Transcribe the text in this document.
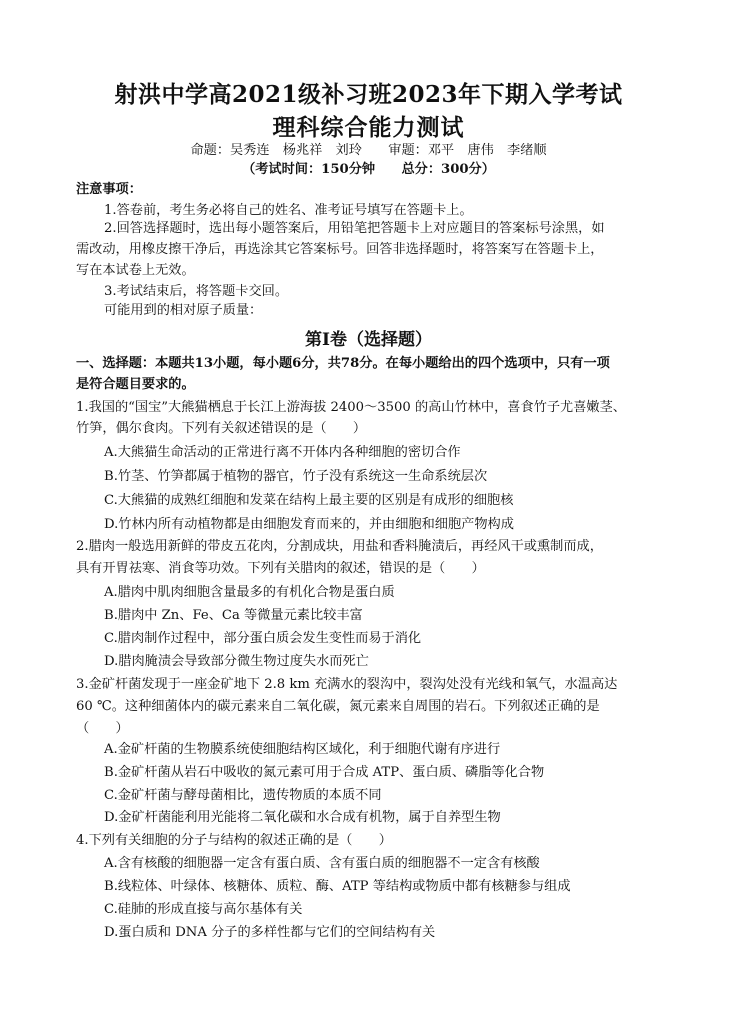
射洪中学高2021级补习班2023年下期入学考试
理科综合能力测试
命题：吴秀连　杨兆祥　刘玲　　审题：邓平　唐伟　李绪顺
（考试时间：150分钟　　总分：300分）
注意事项：
1.答卷前，考生务必将自己的姓名、准考证号填写在答题卡上。
2.回答选择题时，选出每小题答案后，用铅笔把答题卡上对应题目的答案标号涂黑，如
需改动，用橡皮擦干净后，再选涂其它答案标号。回答非选择题时，将答案写在答题卡上，
写在本试卷上无效。
3.考试结束后，将答题卡交回。
可能用到的相对原子质量：
第Ⅰ卷（选择题）
一、选择题：本题共13小题，每小题6分，共78分。在每小题给出的四个选项中，只有一项
是符合题目要求的。
1.我国的“国宝”大熊猫栖息于长江上游海拔 2400～3500 的高山竹林中，喜食竹子尤喜嫩茎、
竹笋，偶尔食肉。下列有关叙述错误的是（　　）
A.大熊猫生命活动的正常进行离不开体内各种细胞的密切合作
B.竹茎、竹笋都属于植物的器官，竹子没有系统这一生命系统层次
C.大熊猫的成熟红细胞和发菜在结构上最主要的区别是有成形的细胞核
D.竹林内所有动植物都是由细胞发育而来的，并由细胞和细胞产物构成
2.腊肉一般选用新鲜的带皮五花肉，分割成块，用盐和香料腌渍后，再经风干或熏制而成，
具有开胃祛寒、消食等功效。下列有关腊肉的叙述，错误的是（　　）
A.腊肉中肌肉细胞含量最多的有机化合物是蛋白质
B.腊肉中 Zn、Fe、Ca 等微量元素比较丰富
C.腊肉制作过程中，部分蛋白质会发生变性而易于消化
D.腊肉腌渍会导致部分微生物过度失水而死亡
3.金矿杆菌发现于一座金矿地下 2.8 km 充满水的裂沟中，裂沟处没有光线和氧气，水温高达
60 ℃。这种细菌体内的碳元素来自二氧化碳，氮元素来自周围的岩石。下列叙述正确的是
（　　）
A.金矿杆菌的生物膜系统使细胞结构区域化，利于细胞代谢有序进行
B.金矿杆菌从岩石中吸收的氮元素可用于合成 ATP、蛋白质、磷脂等化合物
C.金矿杆菌与酵母菌相比，遗传物质的本质不同
D.金矿杆菌能利用光能将二氧化碳和水合成有机物，属于自养型生物
4.下列有关细胞的分子与结构的叙述正确的是（　　）
A.含有核酸的细胞器一定含有蛋白质、含有蛋白质的细胞器不一定含有核酸
B.线粒体、叶绿体、核糖体、质粒、酶、ATP 等结构或物质中都有核糖参与组成
C.硅肺的形成直接与高尔基体有关
D.蛋白质和 DNA 分子的多样性都与它们的空间结构有关
